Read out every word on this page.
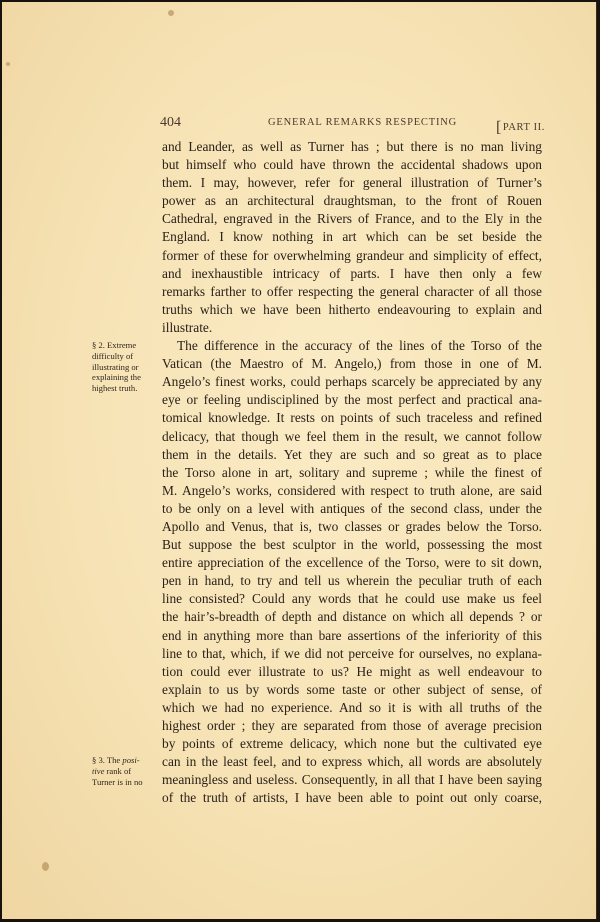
404	GENERAL REMARKS RESPECTING [PART II.
and Leander, as well as Turner has ; but there is no man living
but himself who could have thrown the accidental shadows upon
them. I may, however, refer for general illustration of Turner’s
power as an architectural draughtsman, to the front of Rouen
Cathedral, engraved in the Rivers of France, and to the Ely in the
England. I know nothing in art which can be set beside the
former of these for overwhelming grandeur and simplicity of effect,
and inexhaustible intricacy of parts. I have then only a few
remarks farther to offer respecting the general character of all those
truths which we have been hitherto endeavouring to explain and
illustrate.
The difference in the accuracy of the lines of the Torso of the
Vatican (the Maestro of M. Angelo,) from those in one of M.
Angelo’s finest works, could perhaps scarcely be appreciated by any
eye or feeling undisciplined by the most perfect and practical ana-
tomical knowledge. It rests on points of such traceless and refined
delicacy, that though we feel them in the result, we cannot follow
them in the details. Yet they are such and so great as to place
the Torso alone in art, solitary and supreme ; while the finest of
M. Angelo’s works, considered with respect to truth alone, are said
to be only on a level with antiques of the second class, under the
Apollo and Venus, that is, two classes or grades below the Torso.
But suppose the best sculptor in the world, possessing the most
entire appreciation of the excellence of the Torso, were to sit down,
pen in hand, to try and tell us wherein the peculiar truth of each
line consisted? Could any words that he could use make us feel
the hair’s-breadth of depth and distance on which all depends ? or
end in anything more than bare assertions of the inferiority of this
line to that, which, if we did not perceive for ourselves, no explana-
tion could ever illustrate to us? He might as well endeavour to
explain to us by words some taste or other subject of sense, of
which we had no experience. And so it is with all truths of the
highest order ; they are separated from those of average precision
by points of extreme delicacy, which none but the cultivated eye
can in the least feel, and to express which, all words are absolutely
meaningless and useless. Consequently, in all that I have been saying
of the truth of artists, I have been able to point out only coarse,
§ 2. Extreme
difficulty of
illustrating or
explaining the
highest truth.
§ 3. The posi-
tive rank of
Turner is in no
